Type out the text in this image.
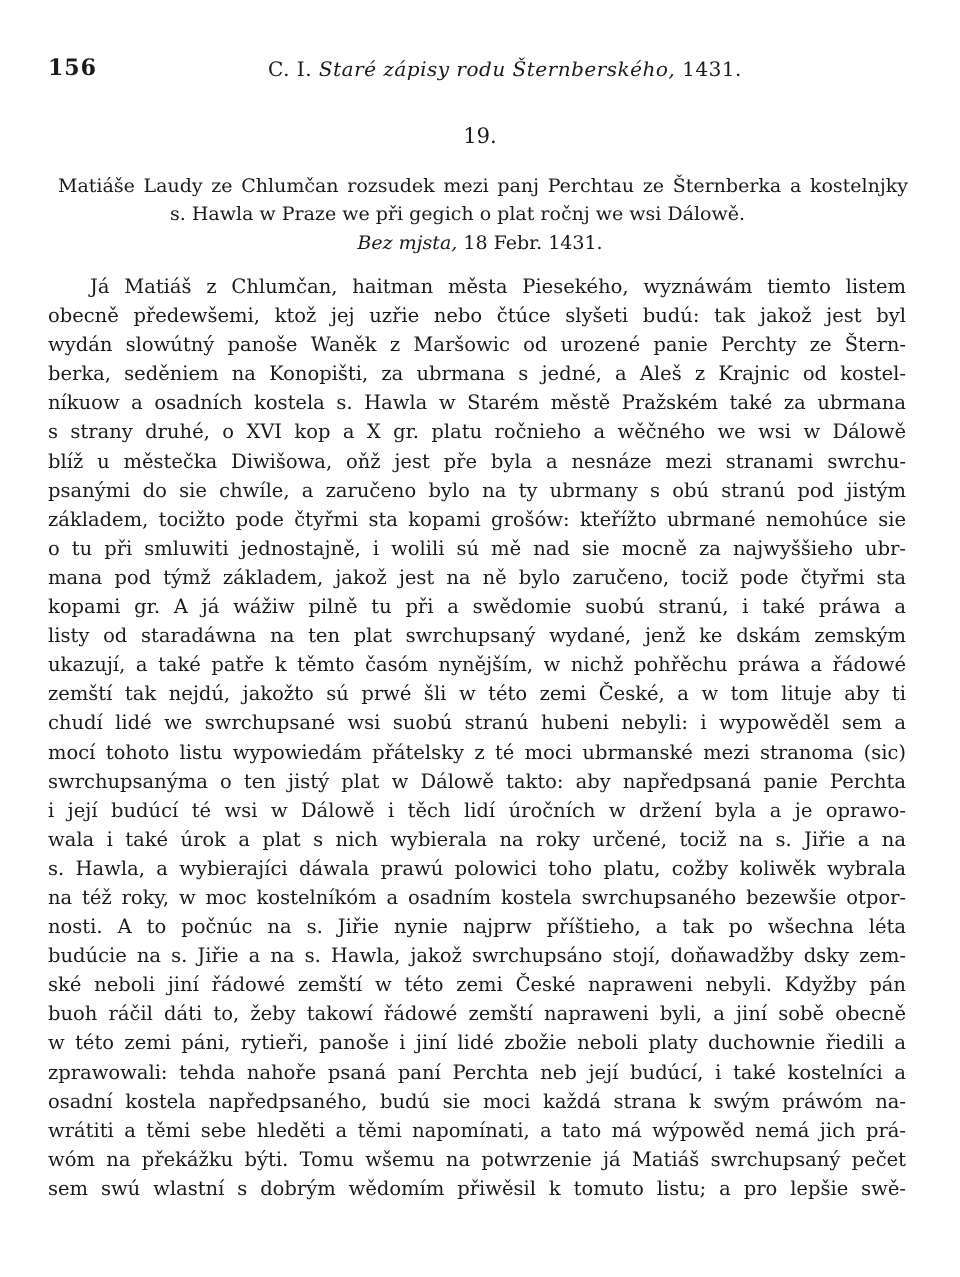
156	C. I. Staré zápisy rodu Šternberského, 1431.
19.
Matiáše Laudy ze Chlumčan rozsudek mezi panj Perchtau ze Šternberka a kostelnjky
s. Hawla w Praze we při gegich o plat ročnj we wsi Dálowě.
Bez mjsta, 18 Febr. 1431.
Já Matiáš z Chlumčan, haitman města Piesekého, wyznáwám tiemto listem
obecně předewšemi, ktož jej uzřie nebo čtúce slyšeti budú: tak jakož jest byl
wydán slowútný panoše Waněk z Maršowic od urozené panie Perchty ze Štern-
berka, seděniem na Konopišti, za ubrmana s jedné, a Aleš z Krajnic od kostel-
níkuow a osadních kostela s. Hawla w Starém městě Pražském také za ubrmana
s strany druhé, o XVI kop a X gr. platu ročnieho a wěčného we wsi w Dálowě
blíž u městečka Diwišowa, oňž jest pře byla a nesnáze mezi stranami swrchu-
psanými do sie chwíle, a zaručeno bylo na ty ubrmany s obú stranú pod jistým
základem, tocižto pode čtyřmi sta kopami grošów: kteřížto ubrmané nemohúce sie
o tu při smluwiti jednostajně, i wolili sú mě nad sie mocně za najwyššieho ubr-
mana pod týmž základem, jakož jest na ně bylo zaručeno, tociž pode čtyřmi sta
kopami gr. A já wážiw pilně tu při a swědomie suobú stranú, i také práwa a
listy od staradáwna na ten plat swrchupsaný wydané, jenž ke dskám zemským
ukazují, a také patře k těmto časóm nynějším, w nichž pohřěchu práwa a řádowé
zemští tak nejdú, jakožto sú prwé šli w této zemi České, a w tom lituje aby ti
chudí lidé we swrchupsané wsi suobú stranú hubeni nebyli: i wypowěděl sem a
mocí tohoto listu wypowiedám přátelsky z té moci ubrmanské mezi stranoma (sic)
swrchupsanýma o ten jistý plat w Dálowě takto: aby napředpsaná panie Perchta
i její budúcí té wsi w Dálowě i těch lidí úročních w držení byla a je oprawo-
wala i také úrok a plat s nich wybierala na roky určené, tociž na s. Jiřie a na
s. Hawla, a wybierajíci dáwala prawú polowici toho platu, cožby koliwěk wybrala
na též roky, w moc kostelníkóm a osadním kostela swrchupsaného bezewšie otpor-
nosti. A to počnúc na s. Jiřie nynie najprw příštieho, a tak po wšechna léta
budúcie na s. Jiřie a na s. Hawla, jakož swrchupsáno stojí, doňawadžby dsky zem-
ské neboli jiní řádowé zemští w této zemi České napraweni nebyli. Kdyžby pán
buoh ráčil dáti to, žeby takowí řádowé zemští napraweni byli, a jiní sobě obecně
w této zemi páni, rytieři, panoše i jiní lidé zbožie neboli platy duchownie řiedili a
zprawowali: tehda nahoře psaná paní Perchta neb její budúcí, i také kostelníci a
osadní kostela napředpsaného, budú sie moci každá strana k swým práwóm na-
wrátiti a těmi sebe hleděti a těmi napomínati, a tato má wýpowěd nemá jich prá-
wóm na překážku býti. Tomu wšemu na potwrzenie já Matiáš swrchupsaný pečet
sem swú wlastní s dobrým wědomím přiwěsil k tomuto listu; a pro lepšie swě-
